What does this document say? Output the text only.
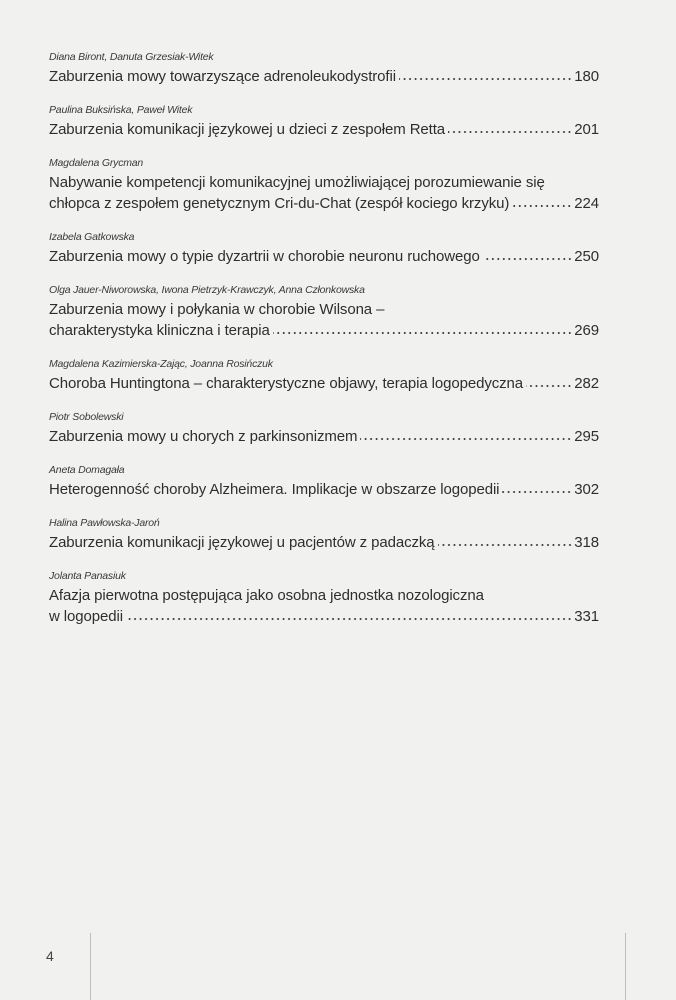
Diana Biront, Danuta Grzesiak-Witek
Zaburzenia mowy towarzyszące adrenoleukodystrofii	180
Paulina Buksińska, Paweł Witek
Zaburzenia komunikacji językowej u dzieci z zespołem Retta	201
Magdalena Grycman
Nabywanie kompetencji komunikacyjnej umożliwiającej porozumiewanie się
chłopca z zespołem genetycznym Cri-du-Chat (zespół kociego krzyku)	224
Izabela Gatkowska
Zaburzenia mowy o typie dyzartrii w chorobie neuronu ruchowego	250
Olga Jauer-Niworowska, Iwona Pietrzyk-Krawczyk, Anna Członkowska
Zaburzenia mowy i połykania w chorobie Wilsona –
charakterystyka kliniczna i terapia	269
Magdalena Kazimierska-Zając, Joanna Rosińczuk
Choroba Huntingtona – charakterystyczne objawy, terapia logopedyczna	282
Piotr Sobolewski
Zaburzenia mowy u chorych z parkinsonizmem	295
Aneta Domagała
Heterogenność choroby Alzheimera. Implikacje w obszarze logopedii	302
Halina Pawłowska-Jaroń
Zaburzenia komunikacji językowej u pacjentów z padaczką	318
Jolanta Panasiuk
Afazja pierwotna postępująca jako osobna jednostka nozologiczna
w logopedii	331
4
